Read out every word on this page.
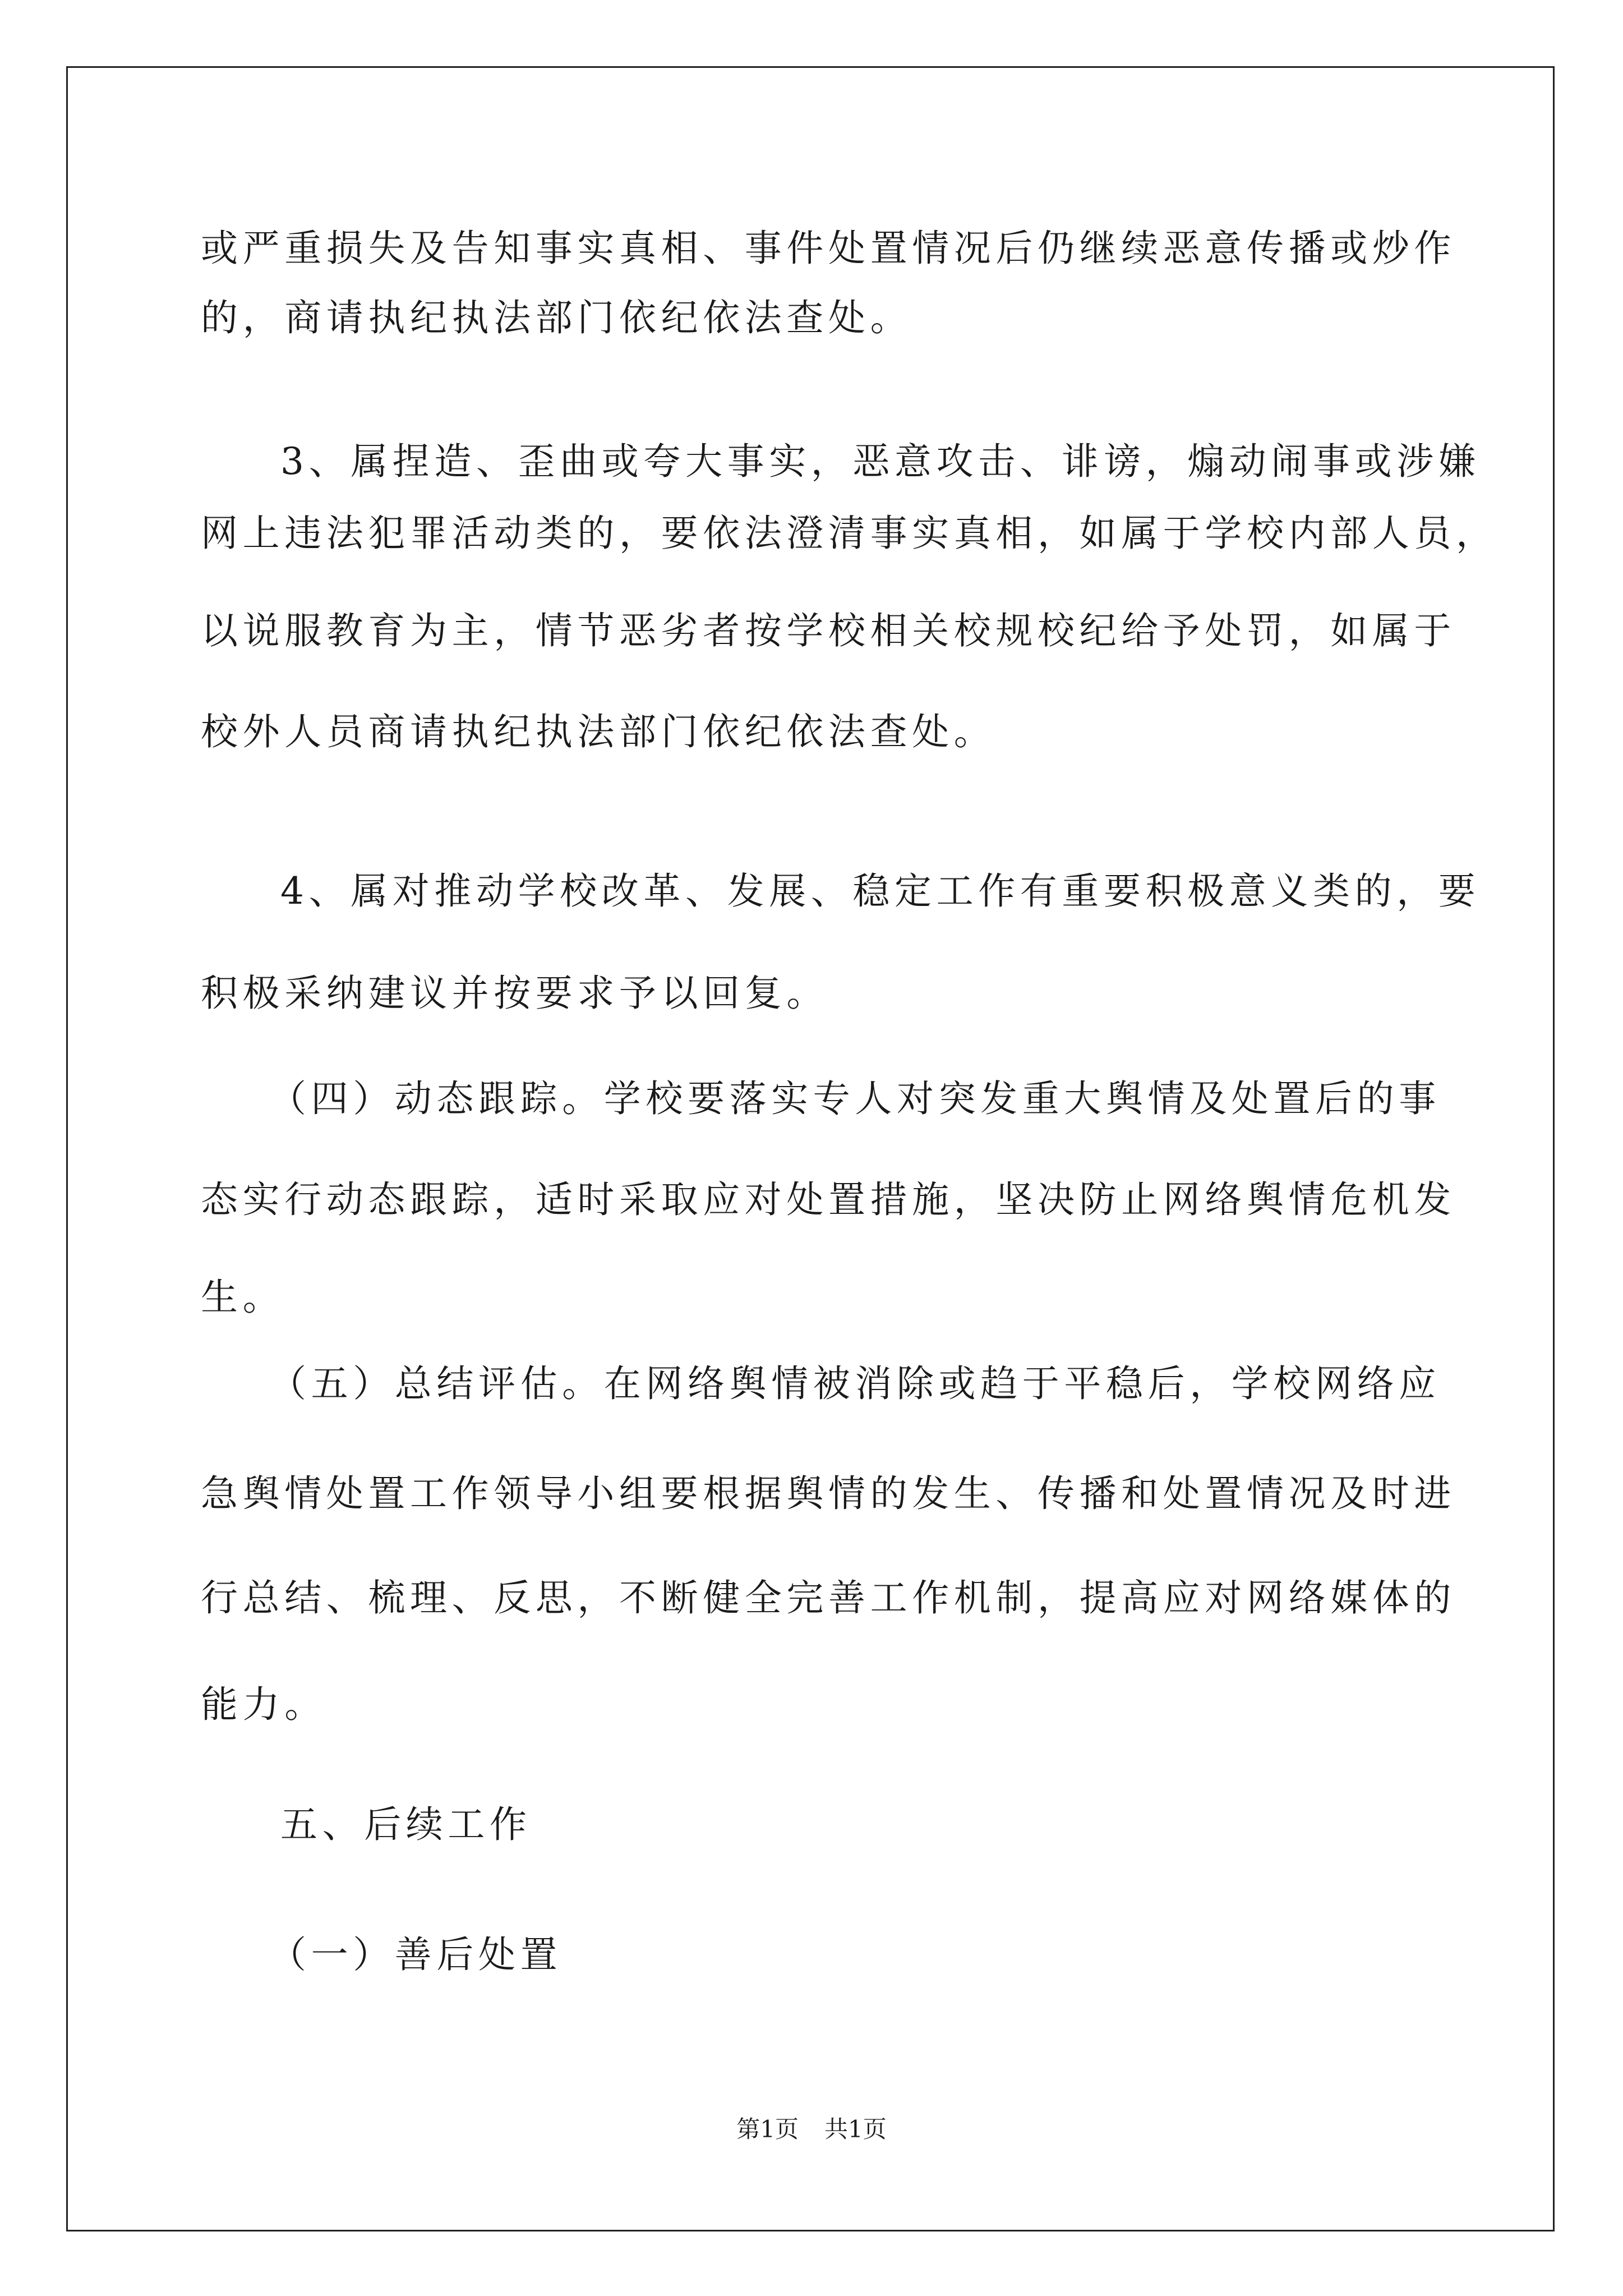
或严重损失及告知事实真相、事件处置情况后仍继续恶意传播或炒作
的，商请执纪执法部门依纪依法查处。
3、属捏造、歪曲或夸大事实，恶意攻击、诽谤，煽动闹事或涉嫌
网上违法犯罪活动类的，要依法澄清事实真相，如属于学校内部人员，
以说服教育为主，情节恶劣者按学校相关校规校纪给予处罚，如属于
校外人员商请执纪执法部门依纪依法查处。
4、属对推动学校改革、发展、稳定工作有重要积极意义类的，要
积极采纳建议并按要求予以回复。
（四）动态跟踪。学校要落实专人对突发重大舆情及处置后的事
态实行动态跟踪，适时采取应对处置措施，坚决防止网络舆情危机发
生。
（五）总结评估。在网络舆情被消除或趋于平稳后，学校网络应
急舆情处置工作领导小组要根据舆情的发生、传播和处置情况及时进
行总结、梳理、反思，不断健全完善工作机制，提高应对网络媒体的
能力。
五、后续工作
（一）善后处置
第1页 共1页
